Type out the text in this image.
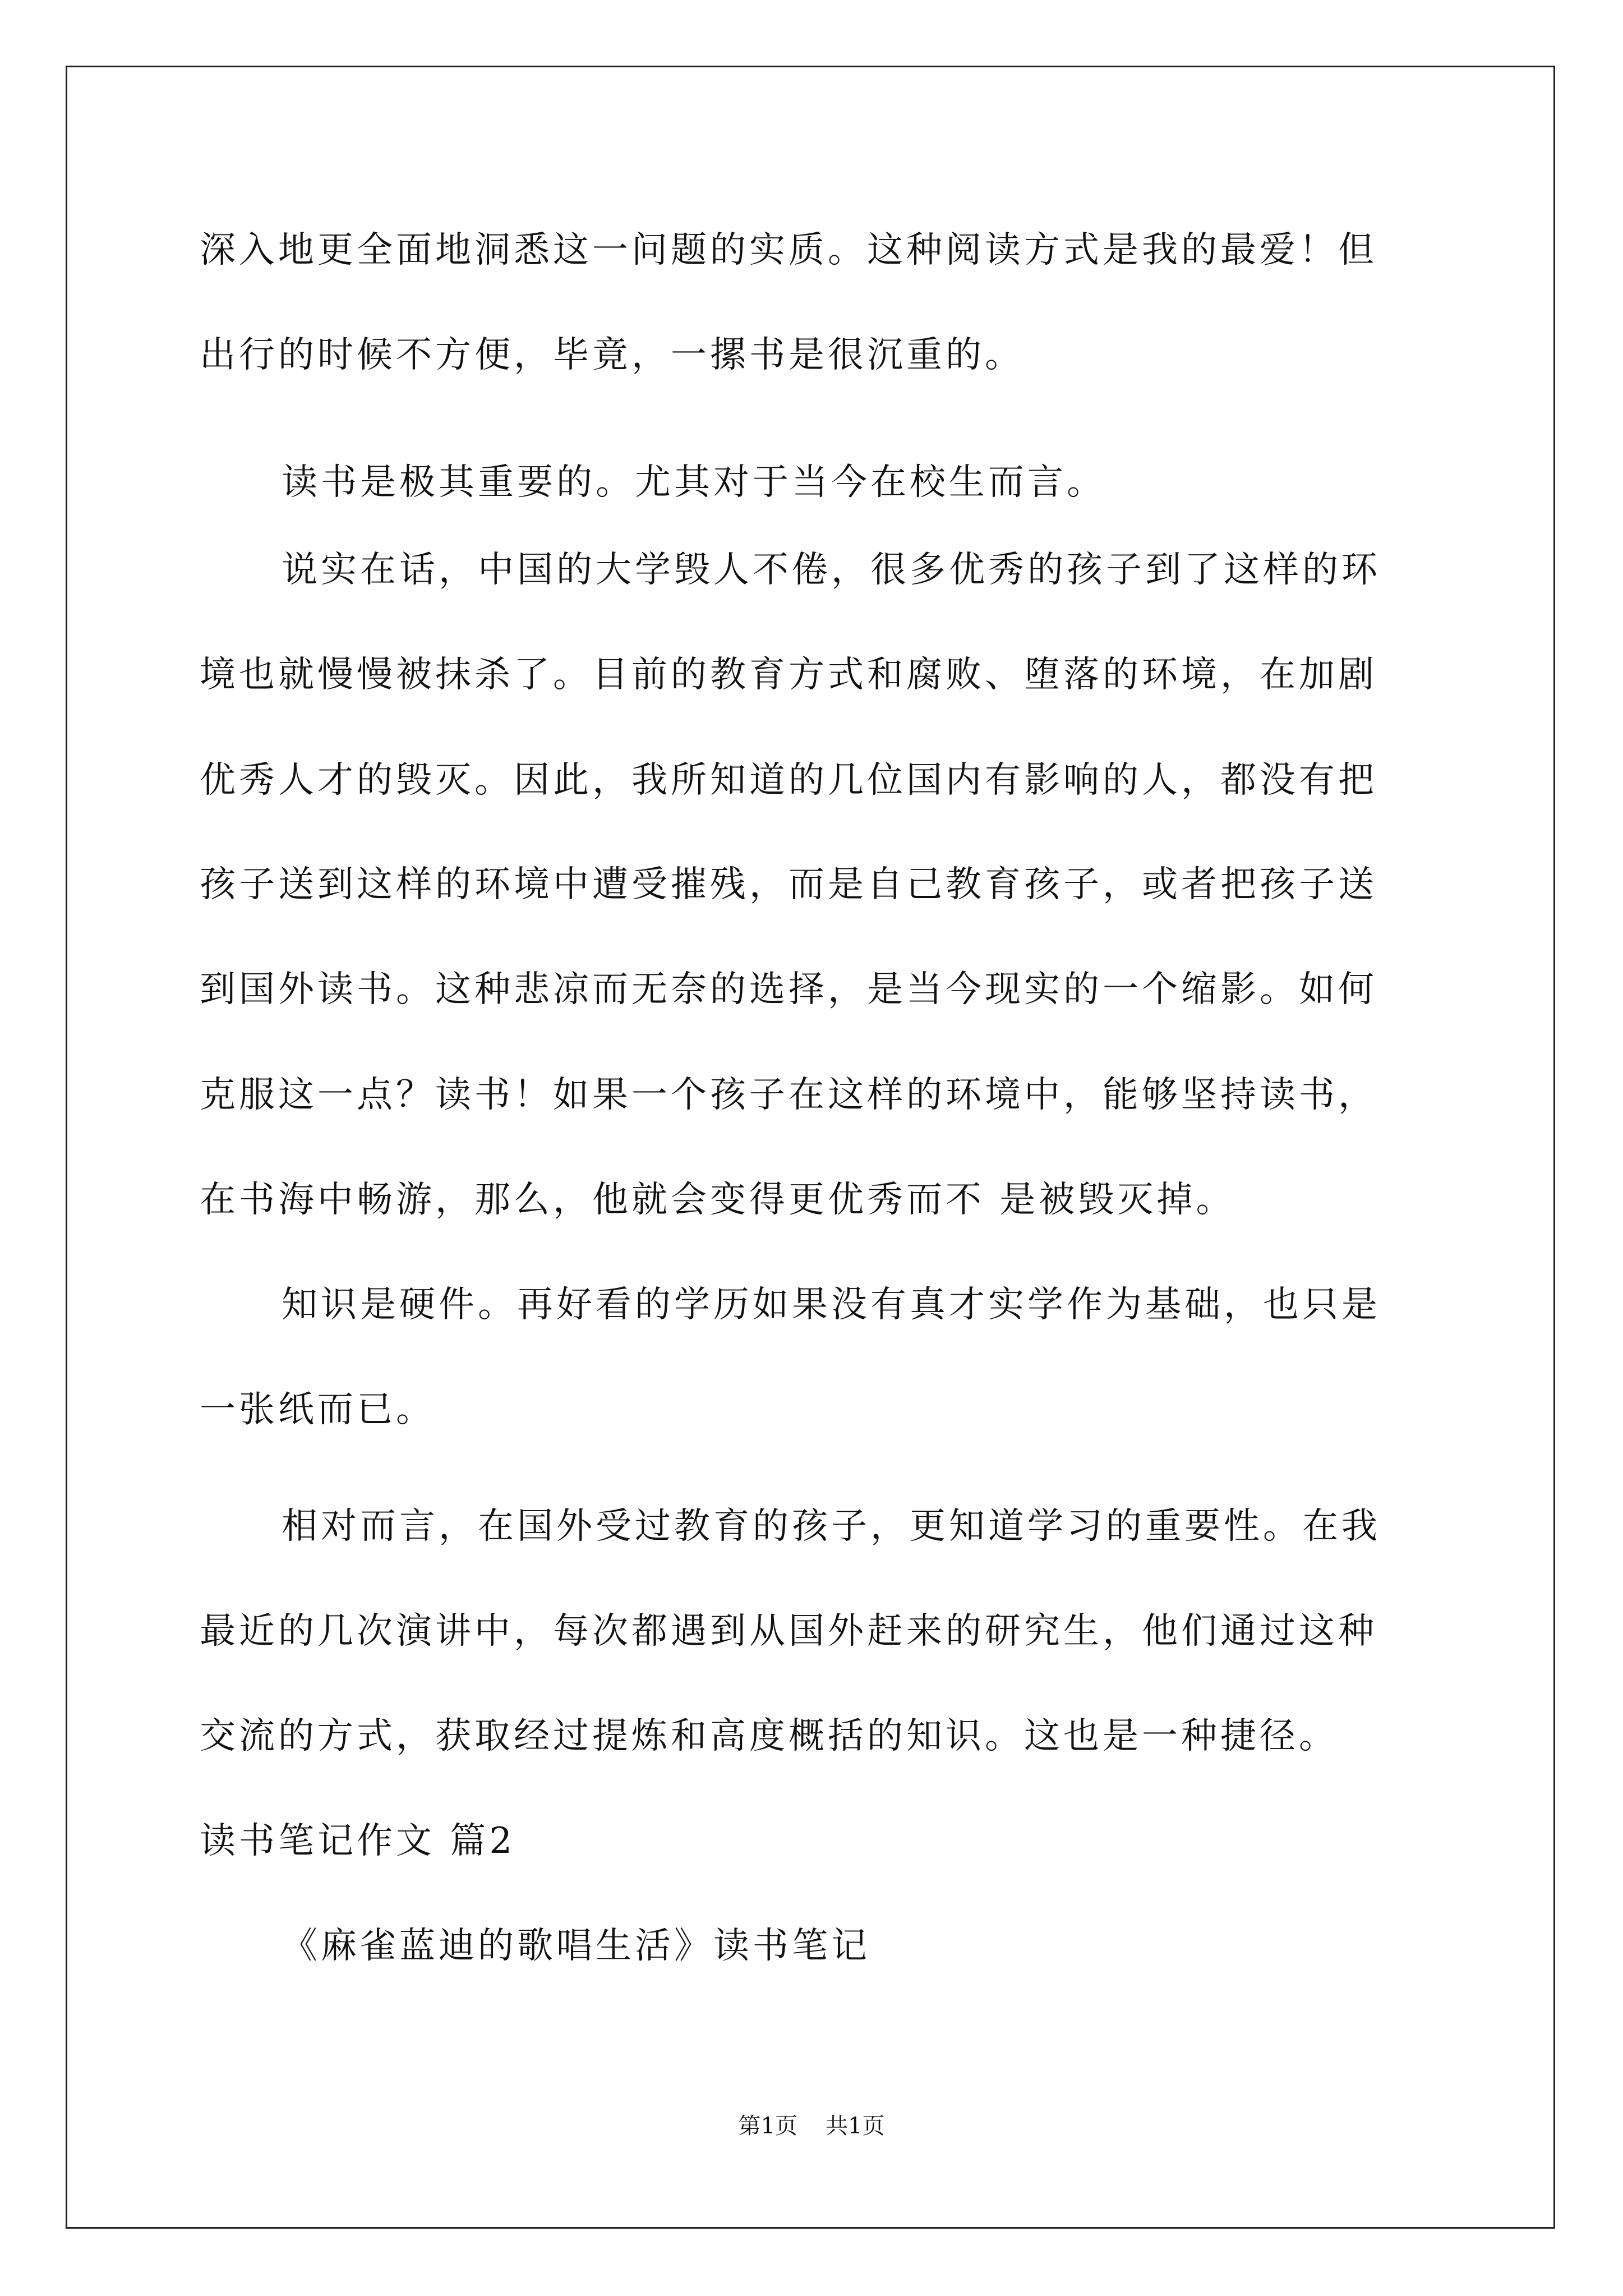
深入地更全面地洞悉这一问题的实质。这种阅读方式是我的最爱！但
出行的时候不方便，毕竟，一摞书是很沉重的。
读书是极其重要的。尤其对于当今在校生而言。
说实在话，中国的大学毁人不倦，很多优秀的孩子到了这样的环
境也就慢慢被抹杀了。目前的教育方式和腐败、堕落的环境，在加剧
优秀人才的毁灭。因此，我所知道的几位国内有影响的人，都没有把
孩子送到这样的环境中遭受摧残，而是自己教育孩子，或者把孩子送
到国外读书。这种悲凉而无奈的选择，是当今现实的一个缩影。如何
克服这一点？读书！如果一个孩子在这样的环境中，能够坚持读书，
在书海中畅游，那么，他就会变得更优秀而不 是被毁灭掉。
知识是硬件。再好看的学历如果没有真才实学作为基础，也只是
一张纸而已。
相对而言，在国外受过教育的孩子，更知道学习的重要性。在我
最近的几次演讲中，每次都遇到从国外赶来的研究生，他们通过这种
交流的方式，获取经过提炼和高度概括的知识。这也是一种捷径。
读书笔记作文 篇2
《麻雀蓝迪的歌唱生活》读书笔记
第1页 共1页
